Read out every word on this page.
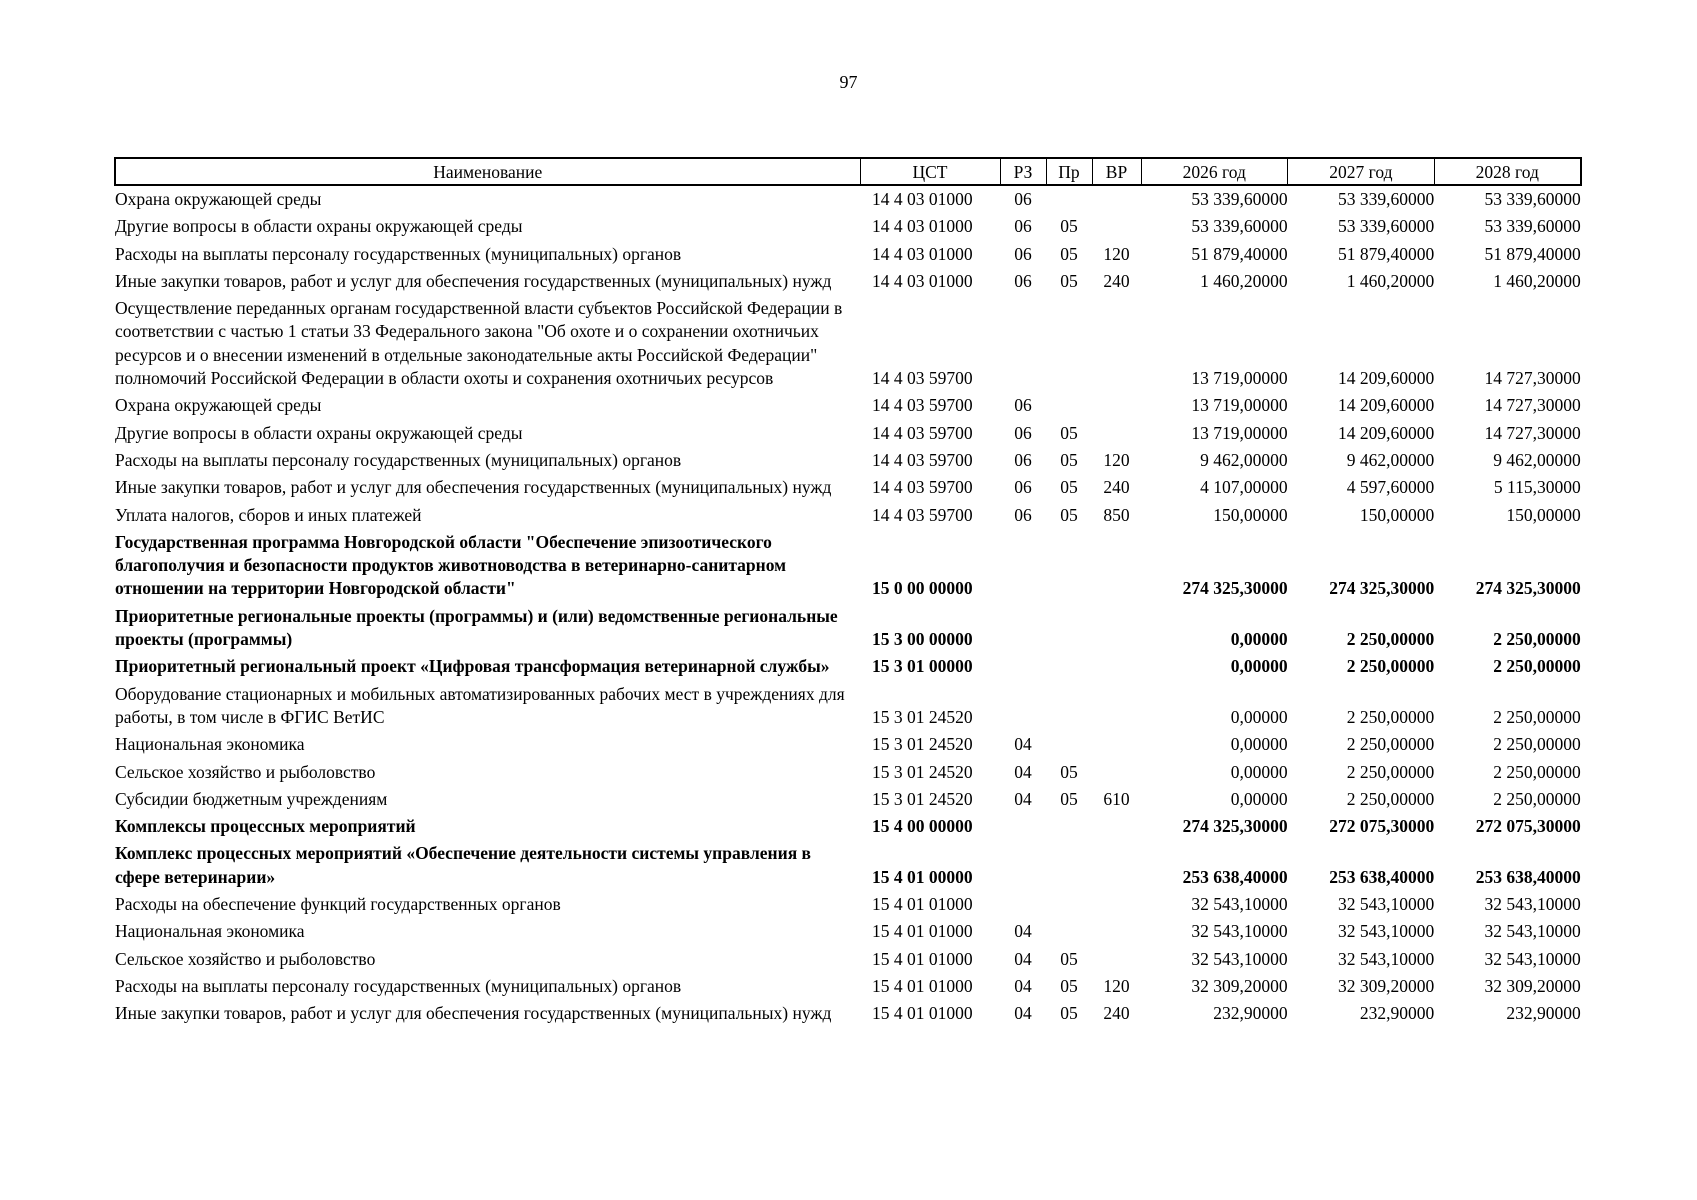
97
Наименование	ЦСТ	РЗ	Пр	ВР	2026 год	2027 год	2028 год
Охрана окружающей среды	14 4 03 01000	06			53 339,60000	53 339,60000	53 339,60000
Другие вопросы в области охраны окружающей среды	14 4 03 01000	06	05		53 339,60000	53 339,60000	53 339,60000
Расходы на выплаты персоналу государственных (муниципальных) органов	14 4 03 01000	06	05	120	51 879,40000	51 879,40000	51 879,40000
Иные закупки товаров, работ и услуг для обеспечения государственных (муниципальных) нужд	14 4 03 01000	06	05	240	1 460,20000	1 460,20000	1 460,20000
Осуществление переданных органам государственной власти субъектов Российской Федерации в соответствии с частью 1 статьи 33 Федерального закона "Об охоте и о сохранении охотничьих ресурсов и о внесении изменений в отдельные законодательные акты Российской Федерации" полномочий Российской Федерации в области охоты и сохранения охотничьих ресурсов	14 4 03 59700				13 719,00000	14 209,60000	14 727,30000
Охрана окружающей среды	14 4 03 59700	06			13 719,00000	14 209,60000	14 727,30000
Другие вопросы в области охраны окружающей среды	14 4 03 59700	06	05		13 719,00000	14 209,60000	14 727,30000
Расходы на выплаты персоналу государственных (муниципальных) органов	14 4 03 59700	06	05	120	9 462,00000	9 462,00000	9 462,00000
Иные закупки товаров, работ и услуг для обеспечения государственных (муниципальных) нужд	14 4 03 59700	06	05	240	4 107,00000	4 597,60000	5 115,30000
Уплата налогов, сборов и иных платежей	14 4 03 59700	06	05	850	150,00000	150,00000	150,00000
Государственная программа Новгородской области "Обеспечение эпизоотического благополучия и безопасности продуктов животноводства в ветеринарно-санитарном отношении на территории Новгородской области"	15 0 00 00000				274 325,30000	274 325,30000	274 325,30000
Приоритетные региональные проекты (программы) и (или) ведомственные региональные проекты (программы)	15 3 00 00000				0,00000	2 250,00000	2 250,00000
Приоритетный региональный проект «Цифровая трансформация ветеринарной службы»	15 3 01 00000				0,00000	2 250,00000	2 250,00000
Оборудование стационарных и мобильных автоматизированных рабочих мест в учреждениях для работы, в том числе в ФГИС ВетИС	15 3 01 24520				0,00000	2 250,00000	2 250,00000
Национальная экономика	15 3 01 24520	04			0,00000	2 250,00000	2 250,00000
Сельское хозяйство и рыболовство	15 3 01 24520	04	05		0,00000	2 250,00000	2 250,00000
Субсидии бюджетным учреждениям	15 3 01 24520	04	05	610	0,00000	2 250,00000	2 250,00000
Комплексы процессных мероприятий	15 4 00 00000				274 325,30000	272 075,30000	272 075,30000
Комплекс процессных мероприятий «Обеспечение деятельности системы управления в сфере ветеринарии»	15 4 01 00000				253 638,40000	253 638,40000	253 638,40000
Расходы на обеспечение функций государственных органов	15 4 01 01000				32 543,10000	32 543,10000	32 543,10000
Национальная экономика	15 4 01 01000	04			32 543,10000	32 543,10000	32 543,10000
Сельское хозяйство и рыболовство	15 4 01 01000	04	05		32 543,10000	32 543,10000	32 543,10000
Расходы на выплаты персоналу государственных (муниципальных) органов	15 4 01 01000	04	05	120	32 309,20000	32 309,20000	32 309,20000
Иные закупки товаров, работ и услуг для обеспечения государственных (муниципальных) нужд	15 4 01 01000	04	05	240	232,90000	232,90000	232,90000
